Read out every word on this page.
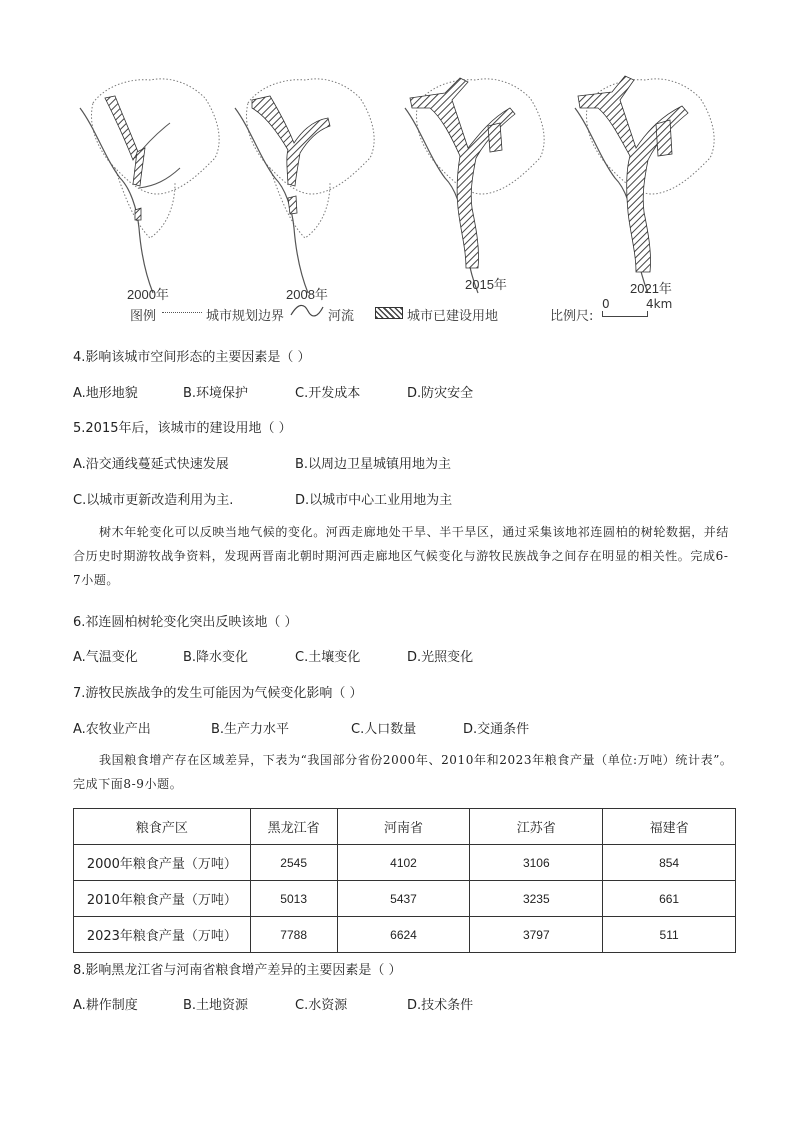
2000年	2008年
2015年	2021年
图例	城市规划边界	河流	城市已建设用地	比例尺:
0	4km
4.影响该城市空间形态的主要因素是（ ）
A.地形地貌	B.环境保护	C.开发成本	D.防灾安全
5.2015年后，该城市的建设用地（ ）
A.沿交通线蔓延式快速发展	B.以周边卫星城镇用地为主
C.以城市更新改造利用为主.	D.以城市中心工业用地为主
树木年轮变化可以反映当地气候的变化。河西走廊地处干旱、半干旱区，通过采集该地祁连圆柏的树轮数据，并结合历史时期游牧战争资料，发现两晋南北朝时期河西走廊地区气候变化与游牧民族战争之间存在明显的相关性。完成6-7小题。
6.祁连圆柏树轮变化突出反映该地（ ）
A.气温变化	B.降水变化	C.土壤变化	D.光照变化
7.游牧民族战争的发生可能因为气候变化影响（ ）
A.农牧业产出	B.生产力水平	C.人口数量	D.交通条件
我国粮食增产存在区域差异，下表为“我国部分省份2000年、2010年和2023年粮食产量（单位:万吨）统计表”。完成下面8-9小题。
粮食产区	黑龙江省	河南省	江苏省	福建省
2000年粮食产量（万吨）	2545	4102	3106	854
2010年粮食产量（万吨）	5013	5437	3235	661
2023年粮食产量（万吨）	7788	6624	3797	511
8.影响黑龙江省与河南省粮食增产差异的主要因素是（ ）
A.耕作制度	B.土地资源	C.水资源	D.技术条件
